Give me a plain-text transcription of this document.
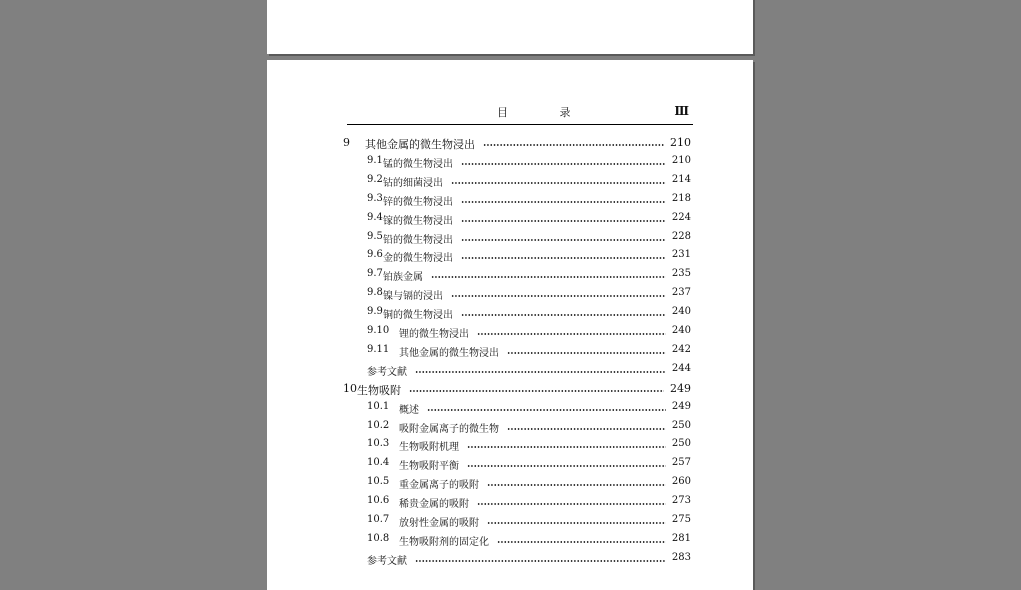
目 录	Ⅲ
9 其他金属的微生物浸出	210
9.1 锰的微生物浸出	210
9.2 钴的细菌浸出	214
9.3 锌的微生物浸出	218
9.4 镓的微生物浸出	224
9.5 铅的微生物浸出	228
9.6 金的微生物浸出	231
9.7 铂族金属	235
9.8 镍与镉的浸出	237
9.9 铜的微生物浸出	240
9.10 锂的微生物浸出	240
9.11 其他金属的微生物浸出	242
参考文献	244
10 生物吸附	249
10.1 概述	249
10.2 吸附金属离子的微生物	250
10.3 生物吸附机理	250
10.4 生物吸附平衡	257
10.5 重金属离子的吸附	260
10.6 稀贵金属的吸附	273
10.7 放射性金属的吸附	275
10.8 生物吸附剂的固定化	281
参考文献	283
